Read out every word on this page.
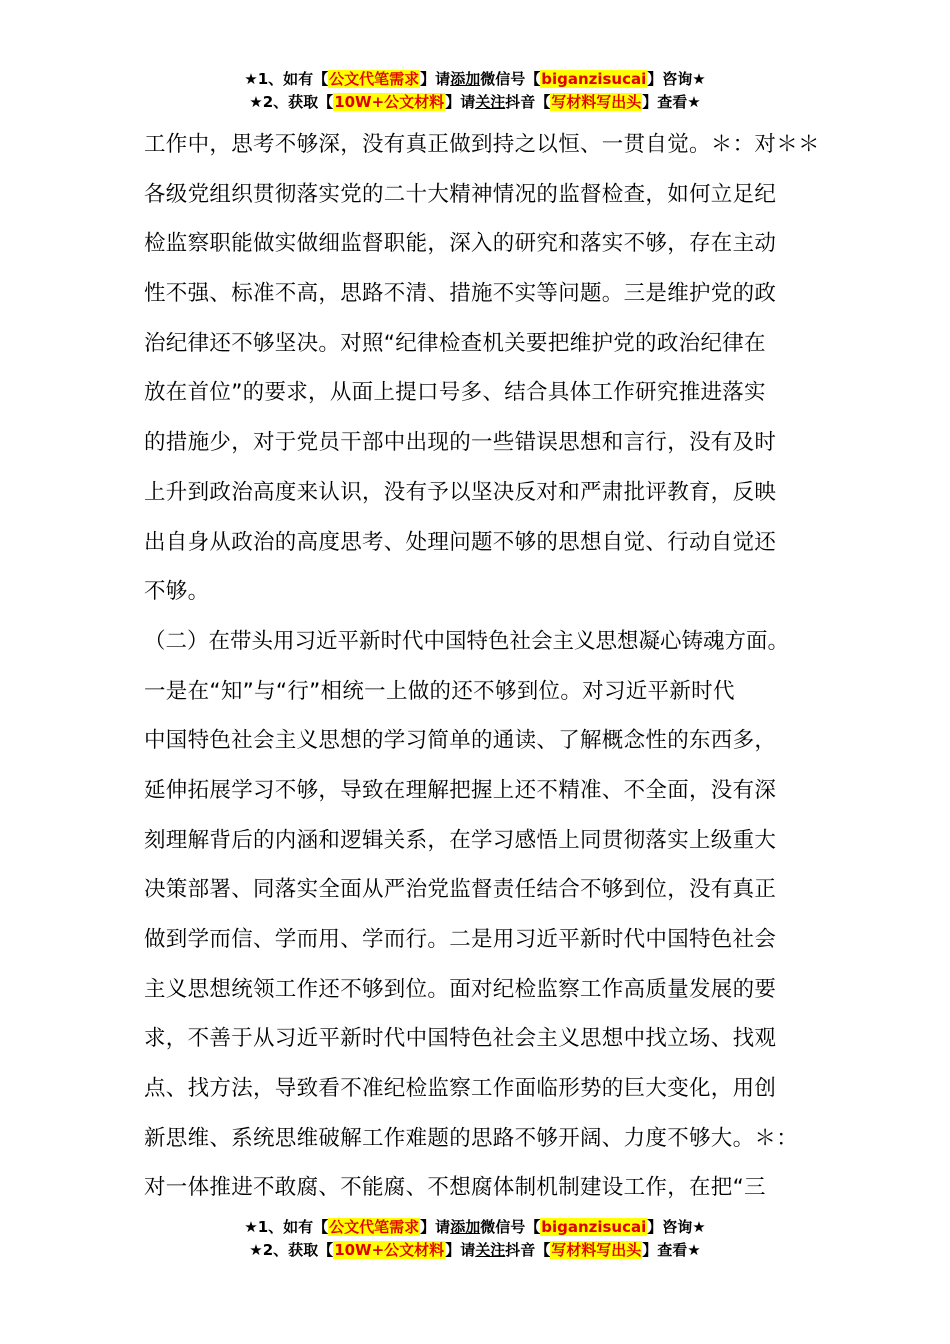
★1、如有【公文代笔需求】请添加微信号【biganzisucai】咨询★
★2、获取【10W+公文材料】请关注抖音【写材料写出头】查看★
工作中，思考不够深，没有真正做到持之以恒、一贯自觉。＊：对＊＊
各级党组织贯彻落实党的二十大精神情况的监督检查，如何立足纪
检监察职能做实做细监督职能，深入的研究和落实不够，存在主动
性不强、标准不高，思路不清、措施不实等问题。三是维护党的政
治纪律还不够坚决。对照“纪律检查机关要把维护党的政治纪律在
放在首位”的要求，从面上提口号多、结合具体工作研究推进落实
的措施少，对于党员干部中出现的一些错误思想和言行，没有及时
上升到政治高度来认识，没有予以坚决反对和严肃批评教育，反映
出自身从政治的高度思考、处理问题不够的思想自觉、行动自觉还
不够。
（二）在带头用习近平新时代中国特色社会主义思想凝心铸魂方面。
一是在“知”与“行”相统一上做的还不够到位。对习近平新时代
中国特色社会主义思想的学习简单的通读、了解概念性的东西多，
延伸拓展学习不够，导致在理解把握上还不精准、不全面，没有深
刻理解背后的内涵和逻辑关系，在学习感悟上同贯彻落实上级重大
决策部署、同落实全面从严治党监督责任结合不够到位，没有真正
做到学而信、学而用、学而行。二是用习近平新时代中国特色社会
主义思想统领工作还不够到位。面对纪检监察工作高质量发展的要
求，不善于从习近平新时代中国特色社会主义思想中找立场、找观
点、找方法，导致看不准纪检监察工作面临形势的巨大变化，用创
新思维、系统思维破解工作难题的思路不够开阔、力度不够大。＊：
对一体推进不敢腐、不能腐、不想腐体制机制建设工作，在把“三
★1、如有【公文代笔需求】请添加微信号【biganzisucai】咨询★
★2、获取【10W+公文材料】请关注抖音【写材料写出头】查看★
